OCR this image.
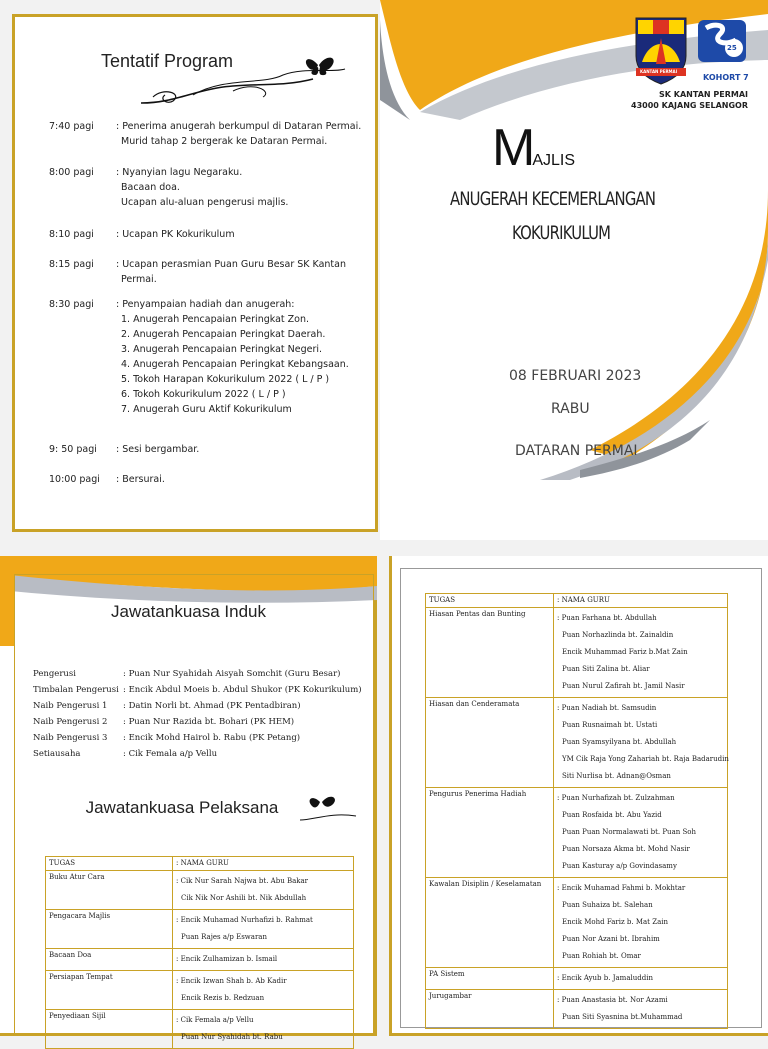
Tentatif Program
7:40 pagi	: Penerima anugerah berkumpul di Dataran Permai.
Murid tahap 2 bergerak ke Dataran Permai.
8:00 pagi	: Nyanyian lagu Negaraku.
Bacaan doa.
Ucapan alu-aluan pengerusi majlis.
8:10 pagi	: Ucapan PK Kokurikulum
8:15 pagi	: Ucapan perasmian Puan Guru Besar SK Kantan
Permai.
8:30 pagi	: Penyampaian hadiah dan anugerah:
1. Anugerah Pencapaian Peringkat Zon.
2. Anugerah Pencapaian Peringkat Daerah.
3. Anugerah Pencapaian Peringkat Negeri.
4. Anugerah Pencapaian Peringkat Kebangsaan.
5. Tokoh Harapan Kokurikulum 2022 ( L / P )
6. Tokoh Kokurikulum 2022 ( L / P )
7. Anugerah Guru Aktif Kokurikulum
9: 50 pagi	: Sesi bergambar.
10:00 pagi	: Bersurai.
KANTAN PERMAI
25
KOHORT 7
SK KANTAN PERMAI
43000 KAJANG SELANGOR
MAJLIS
ANUGERAH KECEMERLANGAN
KOKURIKULUM
08 FEBRUARI 2023
RABU
DATARAN PERMAI
Jawatankuasa Induk
Pengerusi	: Puan Nur Syahidah Aisyah Somchit (Guru Besar)
Timbalan Pengerusi : Encik Abdul Moeis b. Abdul Shukor (PK Kokurikulum)
Naib Pengerusi 1 : Datin Norli bt. Ahmad (PK Pentadbiran)
Naib Pengerusi 2 : Puan Nur Razida bt. Bohari (PK HEM)
Naib Pengerusi 3 : Encik Mohd Hairol b. Rabu (PK Petang)
Setiausaha	: Cik Femala a/p Vellu
Jawatankuasa Pelaksana
TUGAS	: NAMA GURU
Buku Atur Cara	: Cik Nur Sarah Najwa bt. Abu Bakar
Cik Nik Nor Ashili bt. Nik Abdullah

Pengacara Majlis	: Encik Muhamad Nurhafizi b. Rahmat
Puan Rajes a/p Eswaran

Bacaan Doa	: Encik Zulhamizan b. Ismail

Persiapan Tempat	: Encik Izwan Shah b. Ab Kadir
Encik Rezis b. Redzuan

Penyediaan Sijil	: Cik Femala a/p Vellu
Puan Nur Syahidah bt. Rabu
TUGAS	: NAMA GURU
Hiasan Pentas dan Bunting	: Puan Farhana bt. Abdullah
Puan Norhazlinda bt. Zainaldin
Encik Muhammad Fariz b.Mat Zain
Puan Siti Zalina bt. Aliar
Puan Nurul Zafirah bt. Jamil Nasir

Hiasan dan Cenderamata	: Puan Nadiah bt. Samsudin
Puan Rusnaimah bt. Ustati
Puan Syamsyilyana bt. Abdullah
YM Cik Raja Yong Zahariah bt. Raja Badarudin
Siti Nurlisa bt. Adnan@Osman

Pengurus Penerima Hadiah	: Puan Nurhafizah bt. Zulzahman
Puan Rosfaida bt. Abu Yazid
Puan Puan Normalawati bt. Puan Soh
Puan Norsaza Akma bt. Mohd Nasir
Puan Kasturay a/p Govindasamy

Kawalan Disiplin / Keselamatan	: Encik Muhamad Fahmi b. Mokhtar
Puan Suhaiza bt. Salehan
Encik Mohd Fariz b. Mat Zain
Puan Nor Azani bt. Ibrahim
Puan Rohiah bt. Omar

PA Sistem	: Encik Ayub b. Jamaluddin

Jurugambar	: Puan Anastasia bt. Nor Azami
Puan Siti Syasnina bt.Muhammad
